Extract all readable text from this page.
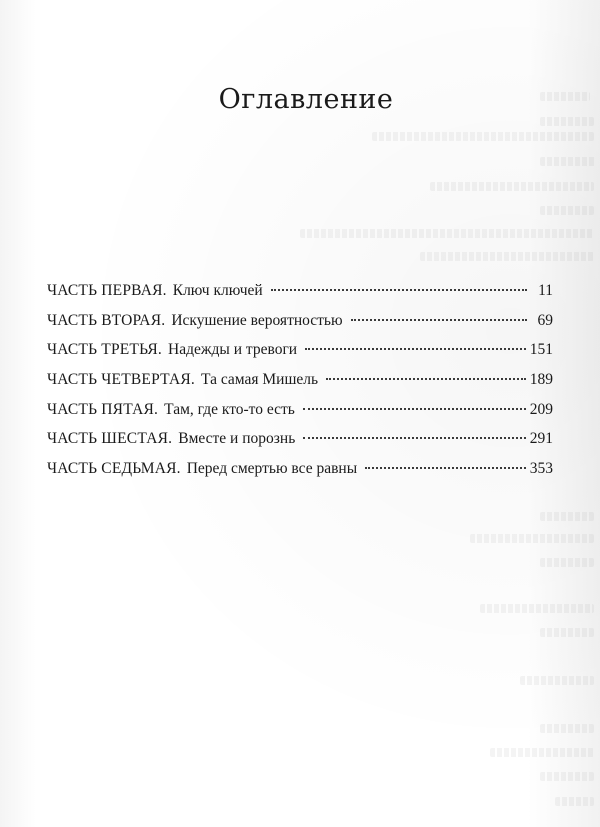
Оглавление
ЧАСТЬ ПЕРВАЯ. Ключ ключей	11
ЧАСТЬ ВТОРАЯ. Искушение вероятностью	69
ЧАСТЬ ТРЕТЬЯ. Надежды и тревоги	151
ЧАСТЬ ЧЕТВЕРТАЯ. Та самая Мишель	189
ЧАСТЬ ПЯТАЯ. Там, где кто-то есть	209
ЧАСТЬ ШЕСТАЯ. Вместе и порознь	291
ЧАСТЬ СЕДЬМАЯ. Перед смертью все равны	353
